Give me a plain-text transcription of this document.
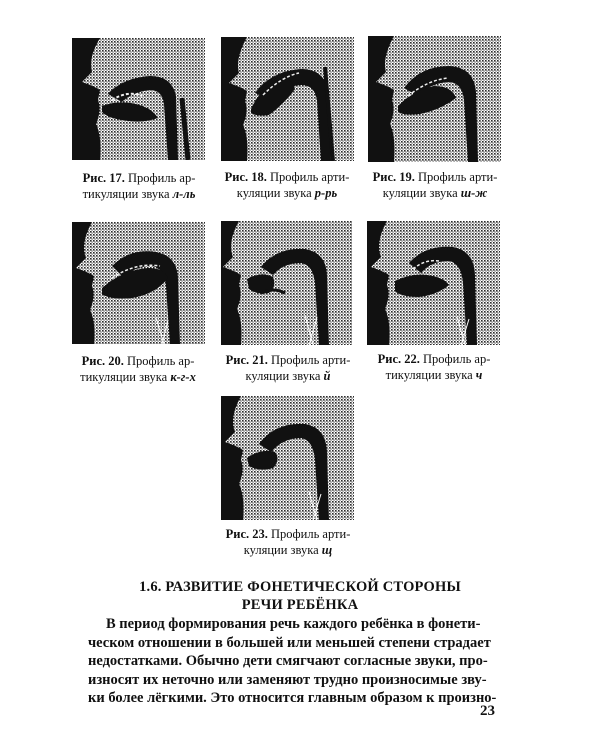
Рис. 17. Профиль ар-
тикуляции звука л-ль
Рис. 18. Профиль арти-
куляции звука р-рь
Рис. 19. Профиль арти-
куляции звука ш-ж
Рис. 20. Профиль ар-
тикуляции звука к-г-х
Рис. 21. Профиль арти-
куляции звука й
Рис. 22. Профиль ар-
тикуляции звука ч
Рис. 23. Профиль арти-
куляции звука щ
1.6. РАЗВИТИЕ ФОНЕТИЧЕСКОЙ СТОРОНЫ
РЕЧИ РЕБЁНКА
В период формирования речь каждого ребёнка в фонети-
ческом отношении в большей или меньшей степени страдает
недостатками. Обычно дети смягчают согласные звуки, про-
износят их неточно или заменяют трудно произносимые зву-
ки более лёгкими. Это относится главным образом к произно-
23
